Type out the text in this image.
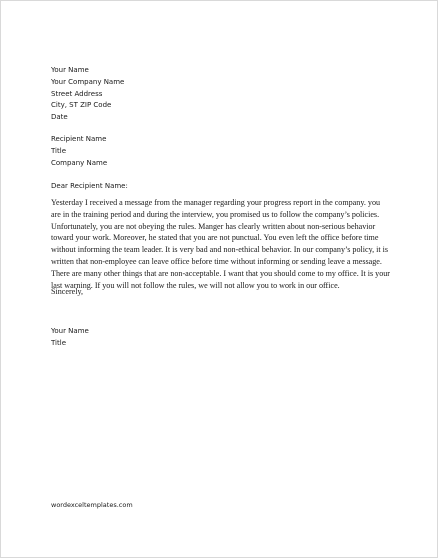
Your Name
Your Company Name
Street Address
City, ST ZIP Code
Date
Recipient Name
Title
Company Name
Dear Recipient Name:
Yesterday I received a message from the manager regarding your progress report in the company. you
are in the training period and during the interview, you promised us to follow the company’s policies.
Unfortunately, you are not obeying the rules. Manger has clearly written about non-serious behavior
toward your work. Moreover, he stated that you are not punctual. You even left the office before time
without informing the team leader. It is very bad and non-ethical behavior. In our company’s policy, it is
written that non-employee can leave office before time without informing or sending leave a message.
There are many other things that are non-acceptable. I want that you should come to my office. It is your
last warning. If you will not follow the rules, we will not allow you to work in our office.
Sincerely,
Your Name
Title
wordexceltemplates.com
